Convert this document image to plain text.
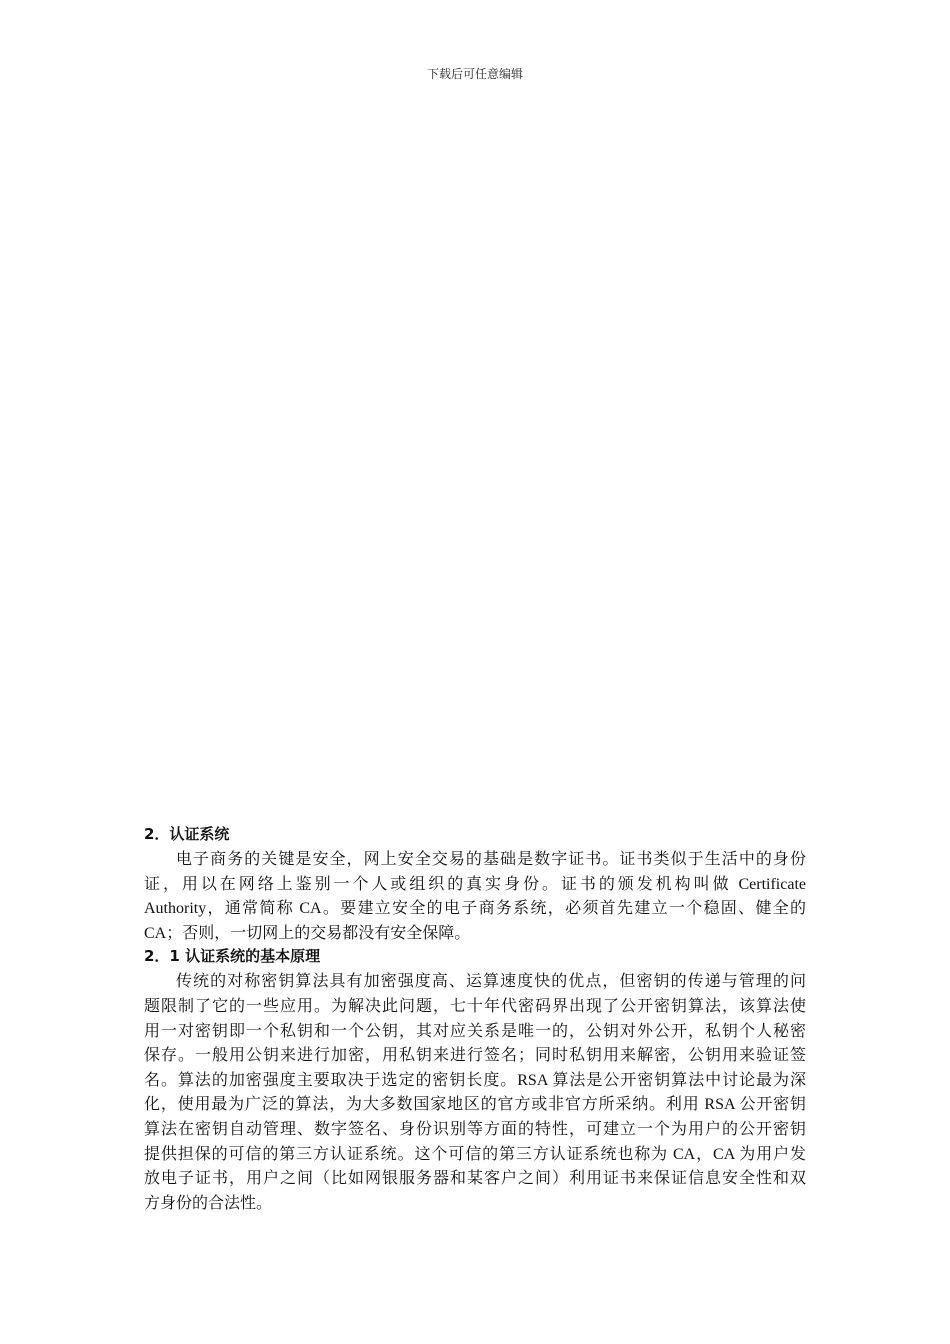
下载后可任意编辑
2．认证系统
电子商务的关键是安全，网上安全交易的基础是数字证书。证书类似于生活中的身份
证，用以在网络上鉴别一个人或组织的真实身份。证书的颁发机构叫做 Certificate
Authority，通常简称 CA。要建立安全的电子商务系统，必须首先建立一个稳固、健全的
CA；否则，一切网上的交易都没有安全保障。
2．1 认证系统的基本原理
传统的对称密钥算法具有加密强度高、运算速度快的优点，但密钥的传递与管理的问
题限制了它的一些应用。为解决此问题，七十年代密码界出现了公开密钥算法，该算法使
用一对密钥即一个私钥和一个公钥，其对应关系是唯一的，公钥对外公开，私钥个人秘密
保存。一般用公钥来进行加密，用私钥来进行签名；同时私钥用来解密，公钥用来验证签
名。算法的加密强度主要取决于选定的密钥长度。RSA 算法是公开密钥算法中讨论最为深
化，使用最为广泛的算法，为大多数国家地区的官方或非官方所采纳。利用 RSA 公开密钥
算法在密钥自动管理、数字签名、身份识别等方面的特性，可建立一个为用户的公开密钥
提供担保的可信的第三方认证系统。这个可信的第三方认证系统也称为 CA，CA 为用户发
放电子证书，用户之间（比如网银服务器和某客户之间）利用证书来保证信息安全性和双
方身份的合法性。
